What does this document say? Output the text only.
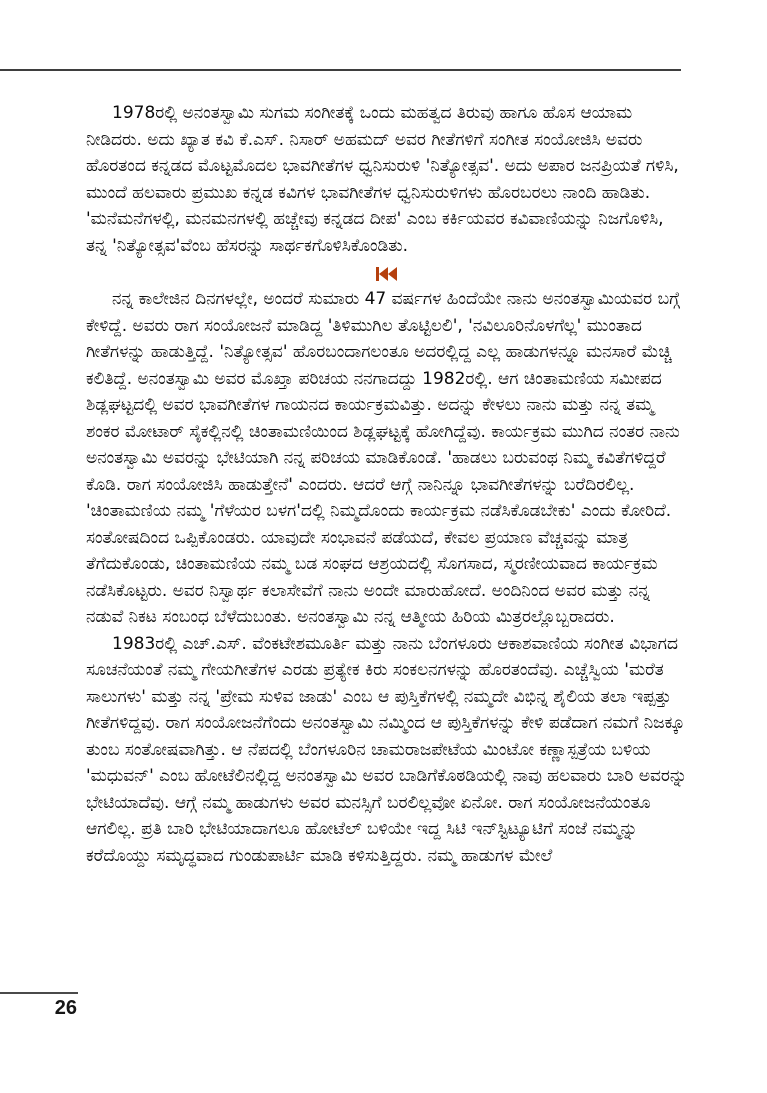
1978ರಲ್ಲಿ ಅನಂತಸ್ವಾಮಿ ಸುಗಮ ಸಂಗೀತಕ್ಕೆ ಒಂದು ಮಹತ್ವದ ತಿರುವು ಹಾಗೂ ಹೊಸ ಆಯಾಮ ನೀಡಿದರು. ಅದು ಖ್ಯಾತ ಕವಿ ಕೆ.ಎಸ್. ನಿಸಾರ್ ಅಹಮದ್ ಅವರ ಗೀತೆಗಳಿಗೆ ಸಂಗೀತ ಸಂಯೋಜಿಸಿ ಅವರು ಹೊರತಂದ ಕನ್ನಡದ ಮೊಟ್ಟಮೊದಲ ಭಾವಗೀತೆಗಳ ಧ್ವನಿಸುರುಳಿ 'ನಿತ್ಯೋತ್ಸವ'. ಅದು ಅಪಾರ ಜನಪ್ರಿಯತೆ ಗಳಿಸಿ, ಮುಂದೆ ಹಲವಾರು ಪ್ರಮುಖ ಕನ್ನಡ ಕವಿಗಳ ಭಾವಗೀತೆಗಳ ಧ್ವನಿಸುರುಳಿಗಳು ಹೊರಬರಲು ನಾಂದಿ ಹಾಡಿತು. 'ಮನೆಮನೆಗಳಲ್ಲಿ, ಮನಮನಗಳಲ್ಲಿ ಹಚ್ಚೇವು ಕನ್ನಡದ ದೀಪ' ಎಂಬ ಕರ್ಕಿಯವರ ಕವಿವಾಣಿಯನ್ನು ನಿಜಗೊಳಿಸಿ, ತನ್ನ 'ನಿತ್ಯೋತ್ಸವ'ವೆಂಬ ಹೆಸರನ್ನು ಸಾರ್ಥಕಗೊಳಿಸಿಕೊಂಡಿತು.

ನನ್ನ ಕಾಲೇಜಿನ ದಿನಗಳಲ್ಲೇ, ಅಂದರೆ ಸುಮಾರು 47 ವರ್ಷಗಳ ಹಿಂದೆಯೇ ನಾನು ಅನಂತಸ್ವಾಮಿಯವರ ಬಗ್ಗೆ ಕೇಳಿದ್ದೆ. ಅವರು ರಾಗ ಸಂಯೋಜನೆ ಮಾಡಿದ್ದ 'ತಿಳಿಮುಗಿಲ ತೊಟ್ಟಿಲಲಿ', 'ನವಿಲೂರಿನೊಳಗೆಲ್ಲ' ಮುಂತಾದ ಗೀತೆಗಳನ್ನು ಹಾಡುತ್ತಿದ್ದೆ. 'ನಿತ್ಯೋತ್ಸವ' ಹೊರಬಂದಾಗಲಂತೂ ಅದರಲ್ಲಿದ್ದ ಎಲ್ಲ ಹಾಡುಗಳನ್ನೂ ಮನಸಾರೆ ಮೆಚ್ಚಿ ಕಲಿತಿದ್ದೆ. ಅನಂತಸ್ವಾಮಿ ಅವರ ಮೊಖ್ತಾ ಪರಿಚಯ ನನಗಾದದ್ದು 1982ರಲ್ಲಿ. ಆಗ ಚಿಂತಾಮಣಿಯ ಸಮೀಪದ ಶಿಡ್ಲಘಟ್ಟದಲ್ಲಿ ಅವರ ಭಾವಗೀತೆಗಳ ಗಾಯನದ ಕಾರ್ಯಕ್ರಮವಿತ್ತು. ಅದನ್ನು ಕೇಳಲು ನಾನು ಮತ್ತು ನನ್ನ ತಮ್ಮ ಶಂಕರ ಮೋಟಾರ್ ಸೈಕಲ್ಲಿನಲ್ಲಿ ಚಿಂತಾಮಣಿಯಿಂದ ಶಿಡ್ಲಘಟ್ಟಕ್ಕೆ ಹೋಗಿದ್ದೆವು. ಕಾರ್ಯಕ್ರಮ ಮುಗಿದ ನಂತರ ನಾನು ಅನಂತಸ್ವಾಮಿ ಅವರನ್ನು ಭೇಟಿಯಾಗಿ ನನ್ನ ಪರಿಚಯ ಮಾಡಿಕೊಂಡೆ. 'ಹಾಡಲು ಬರುವಂಥ ನಿಮ್ಮ ಕವಿತೆಗಳಿದ್ದರೆ ಕೊಡಿ. ರಾಗ ಸಂಯೋಜಿಸಿ ಹಾಡುತ್ತೇನೆ' ಎಂದರು. ಆದರೆ ಆಗ್ಗೆ ನಾನಿನ್ನೂ ಭಾವಗೀತೆಗಳನ್ನು ಬರೆದಿರಲಿಲ್ಲ. 'ಚಿಂತಾಮಣಿಯ ನಮ್ಮ 'ಗೆಳೆಯರ ಬಳಗ'ದಲ್ಲಿ ನಿಮ್ಮದೊಂದು ಕಾರ್ಯಕ್ರಮ ನಡೆಸಿಕೊಡಬೇಕು' ಎಂದು ಕೋರಿದೆ. ಸಂತೋಷದಿಂದ ಒಪ್ಪಿಕೊಂಡರು. ಯಾವುದೇ ಸಂಭಾವನೆ ಪಡೆಯದೆ, ಕೇವಲ ಪ್ರಯಾಣ ವೆಚ್ಚವನ್ನು ಮಾತ್ರ ತೆಗೆದುಕೊಂಡು, ಚಿಂತಾಮಣಿಯ ನಮ್ಮ ಬಡ ಸಂಘದ ಆಶ್ರಯದಲ್ಲಿ ಸೊಗಸಾದ, ಸ್ಮರಣೀಯವಾದ ಕಾರ್ಯಕ್ರಮ ನಡೆಸಿಕೊಟ್ಟರು. ಅವರ ನಿಸ್ವಾರ್ಥ ಕಲಾಸೇವೆಗೆ ನಾನು ಅಂದೇ ಮಾರುಹೋದೆ. ಅಂದಿನಿಂದ ಅವರ ಮತ್ತು ನನ್ನ ನಡುವೆ ನಿಕಟ ಸಂಬಂಧ ಬೆಳೆದುಬಂತು. ಅನಂತಸ್ವಾಮಿ ನನ್ನ ಆತ್ಮೀಯ ಹಿರಿಯ ಮಿತ್ರರಲ್ಲೊಬ್ಬರಾದರು.

1983ರಲ್ಲಿ ಎಚ್.ಎಸ್. ವೆಂಕಟೇಶಮೂರ್ತಿ ಮತ್ತು ನಾನು ಬೆಂಗಳೂರು ಆಕಾಶವಾಣಿಯ ಸಂಗೀತ ವಿಭಾಗದ ಸೂಚನೆಯಂತೆ ನಮ್ಮ ಗೇಯಗೀತೆಗಳ ಎರಡು ಪ್ರತ್ಯೇಕ ಕಿರು ಸಂಕಲನಗಳನ್ನು ಹೊರತಂದೆವು. ಎಚ್ಚೆಸ್ವಿಯ 'ಮರೆತ ಸಾಲುಗಳು' ಮತ್ತು ನನ್ನ 'ಪ್ರೇಮ ಸುಳಿವ ಜಾಡು' ಎಂಬ ಆ ಪುಸ್ತಿಕೆಗಳಲ್ಲಿ ನಮ್ಮದೇ ವಿಭಿನ್ನ ಶೈಲಿಯ ತಲಾ ಇಪ್ಪತ್ತು ಗೀತೆಗಳಿದ್ದವು. ರಾಗ ಸಂಯೋಜನೆಗೆಂದು ಅನಂತಸ್ವಾಮಿ ನಮ್ಮಿಂದ ಆ ಪುಸ್ತಿಕೆಗಳನ್ನು ಕೇಳಿ ಪಡೆದಾಗ ನಮಗೆ ನಿಜಕ್ಕೂ ತುಂಬ ಸಂತೋಷವಾಗಿತ್ತು. ಆ ನೆಪದಲ್ಲಿ ಬೆಂಗಳೂರಿನ ಚಾಮರಾಜಪೇಟೆಯ ಮಿಂಟೋ ಕಣ್ಣಾಸ್ಪತ್ರೆಯ ಬಳಿಯ 'ಮಧುವನ್' ಎಂಬ ಹೋಟೆಲಿನಲ್ಲಿದ್ದ ಅನಂತಸ್ವಾಮಿ ಅವರ ಬಾಡಿಗೆಕೊಠಡಿಯಲ್ಲಿ ನಾವು ಹಲವಾರು ಬಾರಿ ಅವರನ್ನು ಭೇಟಿಯಾದೆವು. ಆಗ್ಗೆ ನಮ್ಮ ಹಾಡುಗಳು ಅವರ ಮನಸ್ಸಿಗೆ ಬರಲಿಲ್ಲವೋ ಏನೋ. ರಾಗ ಸಂಯೋಜನೆಯಂತೂ ಆಗಲಿಲ್ಲ. ಪ್ರತಿ ಬಾರಿ ಭೇಟಿಯಾದಾಗಲೂ ಹೋಟೆಲ್ ಬಳಿಯೇ ಇದ್ದ ಸಿಟಿ ಇನ್‌ಸ್ಟಿಟ್ಯೂಟಿಗೆ ಸಂಜೆ ನಮ್ಮನ್ನು ಕರೆದೊಯ್ದು ಸಮೃದ್ಧವಾದ ಗುಂಡುಪಾರ್ಟಿ ಮಾಡಿ ಕಳಿಸುತ್ತಿದ್ದರು. ನಮ್ಮ ಹಾಡುಗಳ ಮೇಲೆ

26
